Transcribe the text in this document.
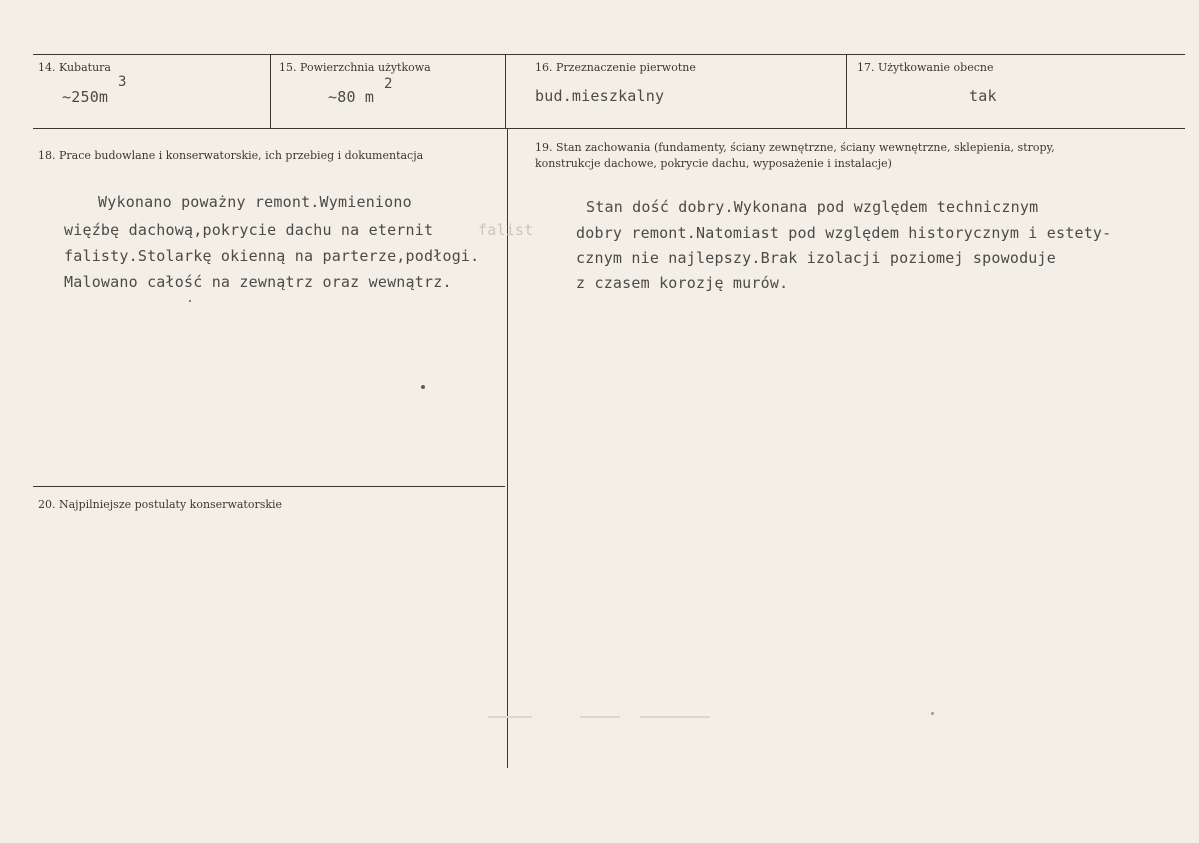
14. Kubatura
~250m
3
15. Powierzchnia użytkowa
~80 m
2
16. Przeznaczenie pierwotne
bud.mieszkalny
17. Użytkowanie obecne
tak
18. Prace budowlane i konserwatorskie, ich przebieg i dokumentacja
Wykonano poważny remont.Wymieniono
więźbę dachową,pokrycie dachu na eternit	falist
falisty.Stolarkę okienną na parterze,podłogi.
Malowano całość na zewnątrz oraz wewnątrz.
19. Stan zachowania (fundamenty, ściany zewnętrzne, ściany wewnętrzne, sklepienia, stropy,
konstrukcje dachowe, pokrycie dachu, wyposażenie i instalacje)
Stan dość dobry.Wykonana pod względem technicznym
dobry remont.Natomiast pod względem historycznym i estety-
cznym nie najlepszy.Brak izolacji poziomej spowoduje
z czasem korozję murów.
20. Najpilniejsze postulaty konserwatorskie
